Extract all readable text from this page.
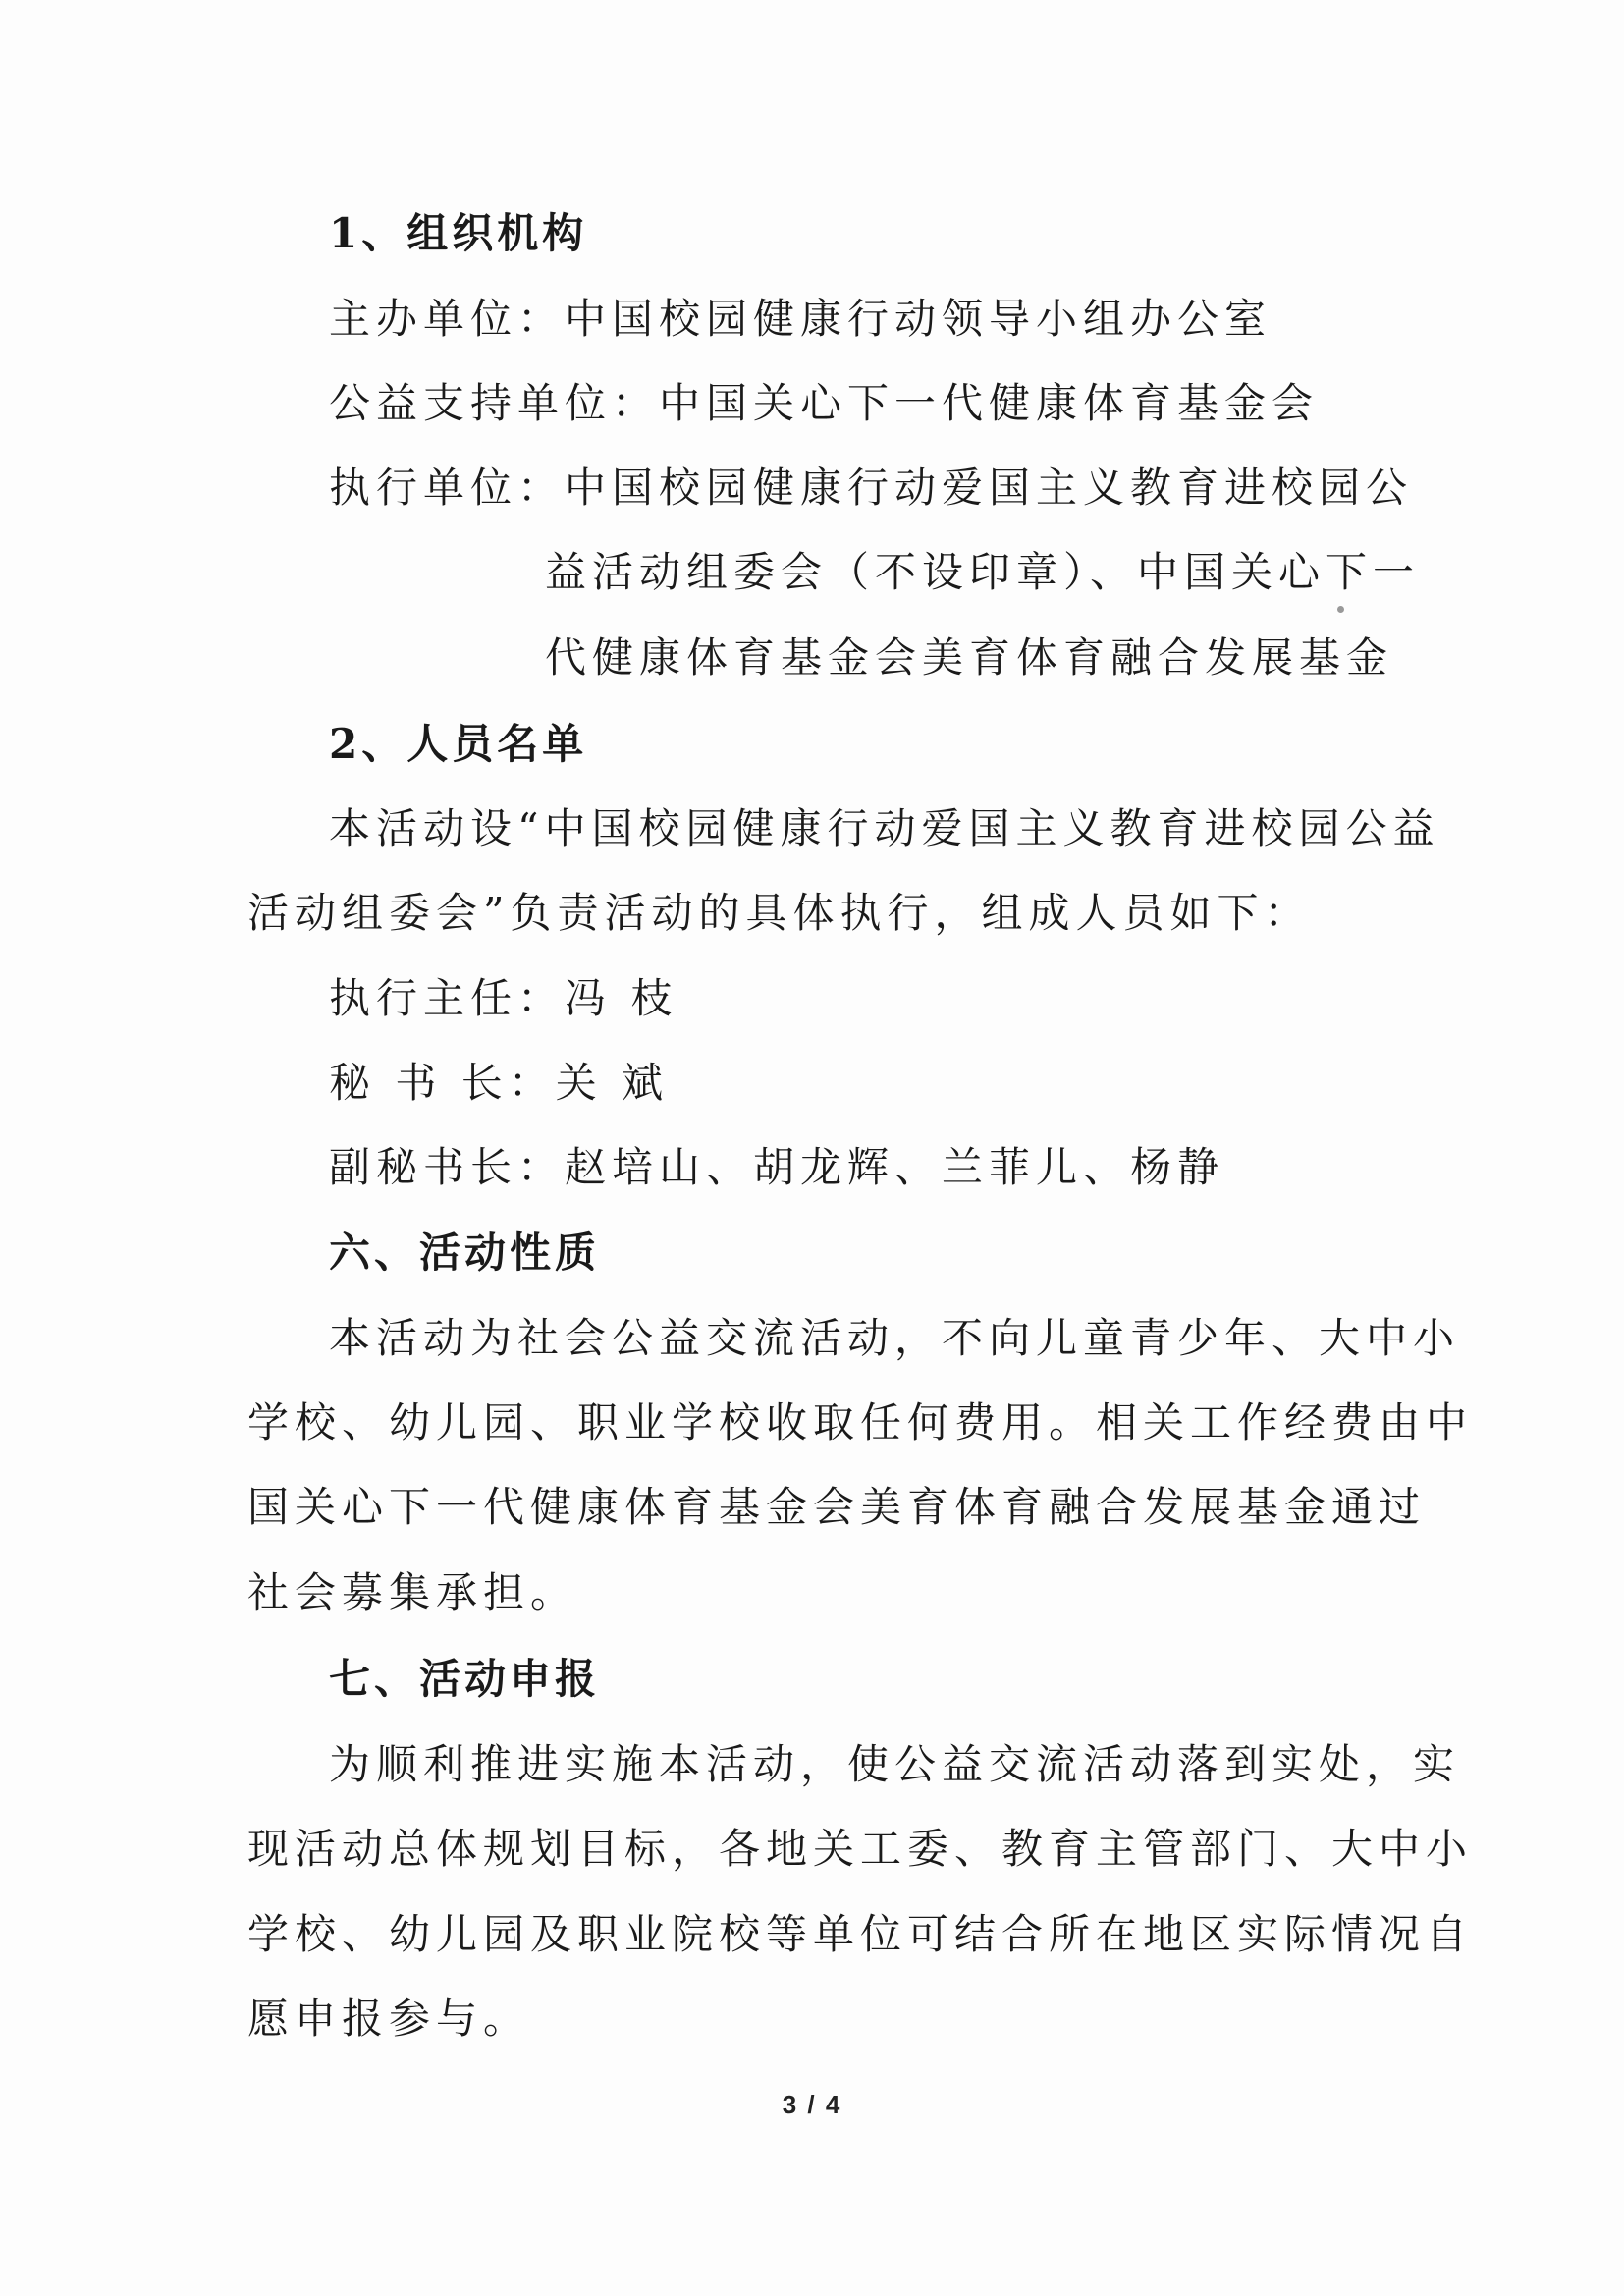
1、组织机构
主办单位：中国校园健康行动领导小组办公室
公益支持单位：中国关心下一代健康体育基金会
执行单位：中国校园健康行动爱国主义教育进校园公
益活动组委会（不设印章）、中国关心下一
代健康体育基金会美育体育融合发展基金
2、人员名单
本活动设“中国校园健康行动爱国主义教育进校园公益
活动组委会”负责活动的具体执行，组成人员如下：
执行主任：冯 枝
秘 书 长：关 斌
副秘书长：赵培山、胡龙辉、兰菲儿、杨静
六、活动性质
本活动为社会公益交流活动，不向儿童青少年、大中小
学校、幼儿园、职业学校收取任何费用。相关工作经费由中
国关心下一代健康体育基金会美育体育融合发展基金通过
社会募集承担。
七、活动申报
为顺利推进实施本活动，使公益交流活动落到实处，实
现活动总体规划目标，各地关工委、教育主管部门、大中小
学校、幼儿园及职业院校等单位可结合所在地区实际情况自
愿申报参与。
3 / 4
